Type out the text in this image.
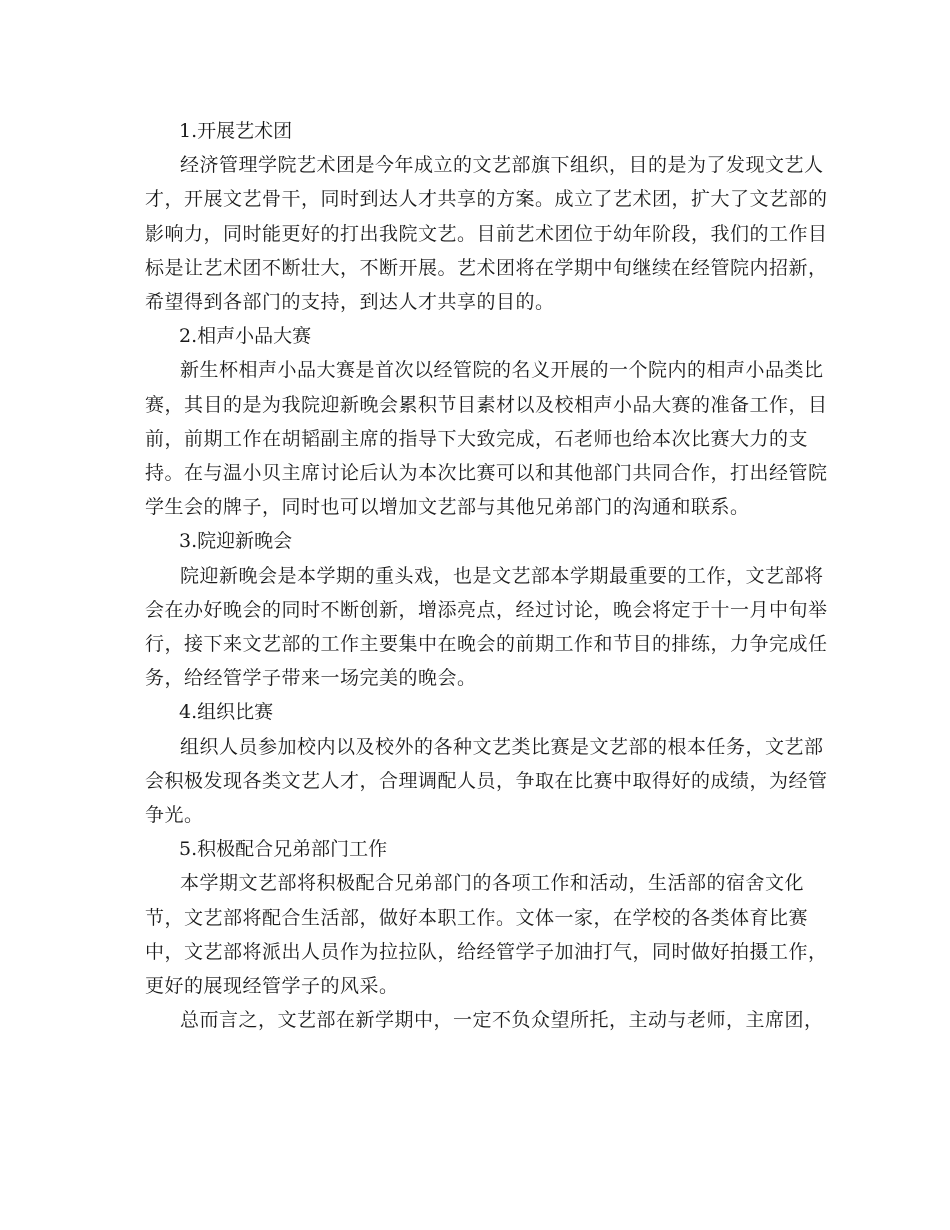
1.开展艺术团

经济管理学院艺术团是今年成立的文艺部旗下组织，目的是为了发现文艺人
才，开展文艺骨干，同时到达人才共享的方案。成立了艺术团，扩大了文艺部的
影响力，同时能更好的打出我院文艺。目前艺术团位于幼年阶段，我们的工作目
标是让艺术团不断壮大，不断开展。艺术团将在学期中旬继续在经管院内招新，
希望得到各部门的支持，到达人才共享的目的。

2.相声小品大赛

新生杯相声小品大赛是首次以经管院的名义开展的一个院内的相声小品类比
赛，其目的是为我院迎新晚会累积节目素材以及校相声小品大赛的准备工作，目
前，前期工作在胡韬副主席的指导下大致完成，石老师也给本次比赛大力的支
持。在与温小贝主席讨论后认为本次比赛可以和其他部门共同合作，打出经管院
学生会的牌子，同时也可以增加文艺部与其他兄弟部门的沟通和联系。

3.院迎新晚会

院迎新晚会是本学期的重头戏，也是文艺部本学期最重要的工作，文艺部将
会在办好晚会的同时不断创新，增添亮点，经过讨论，晚会将定于十一月中旬举
行，接下来文艺部的工作主要集中在晚会的前期工作和节目的排练，力争完成任
务，给经管学子带来一场完美的晚会。

4.组织比赛

组织人员参加校内以及校外的各种文艺类比赛是文艺部的根本任务，文艺部
会积极发现各类文艺人才，合理调配人员，争取在比赛中取得好的成绩，为经管
争光。

5.积极配合兄弟部门工作

本学期文艺部将积极配合兄弟部门的各项工作和活动，生活部的宿舍文化
节，文艺部将配合生活部，做好本职工作。文体一家，在学校的各类体育比赛
中，文艺部将派出人员作为拉拉队，给经管学子加油打气，同时做好拍摄工作，
更好的展现经管学子的风采。
总而言之，文艺部在新学期中，一定不负众望所托，主动与老师，主席团，
